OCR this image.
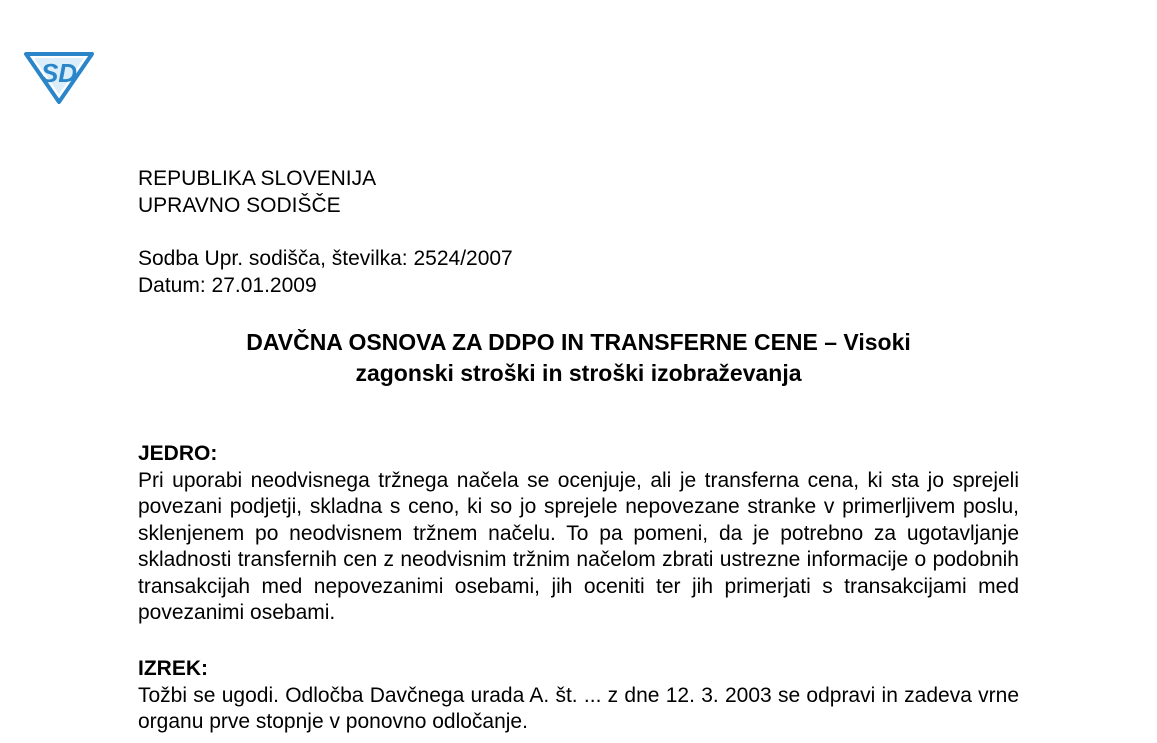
SD
REPUBLIKA SLOVENIJA
UPRAVNO SODIŠČE
Sodba Upr. sodišča, številka: 2524/2007
Datum: 27.01.2009
DAVČNA OSNOVA ZA DDPO IN TRANSFERNE CENE – Visoki
zagonski stroški in stroški izobraževanja
JEDRO:
Pri uporabi neodvisnega tržnega načela se ocenjuje, ali je transferna cena, ki sta jo sprejeli povezani podjetji, skladna s ceno, ki so jo sprejele nepovezane stranke v primerljivem poslu, sklenjenem po neodvisnem tržnem načelu. To pa pomeni, da je potrebno za ugotavljanje skladnosti transfernih cen z neodvisnim tržnim načelom zbrati ustrezne informacije o podobnih transakcijah med nepovezanimi osebami, jih oceniti ter jih primerjati s transakcijami med povezanimi osebami.
IZREK:
Tožbi se ugodi. Odločba Davčnega urada A. št. ... z dne 12. 3. 2003 se odpravi in zadeva vrne organu prve stopnje v ponovno odločanje.
